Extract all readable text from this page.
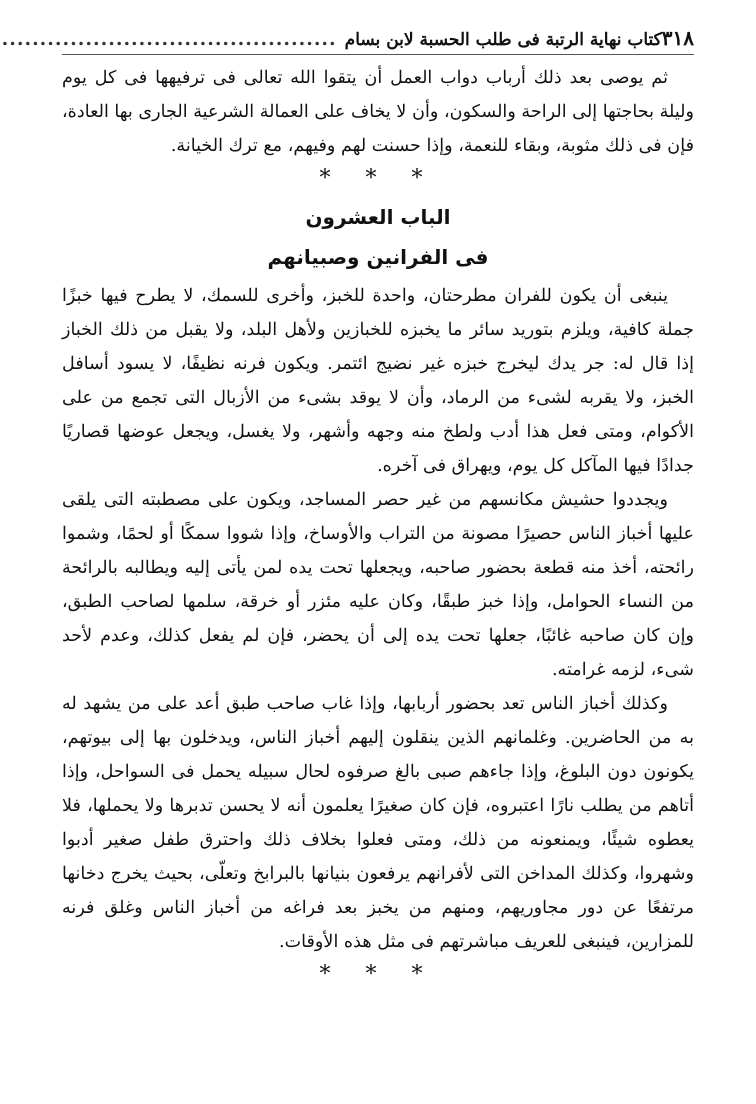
٣١٨
كتاب نهاية الرتبة فى طلب الحسبة لابن بسام
............................................

ثم يوصى بعد ذلك أرباب دواب العمل أن يتقوا الله تعالى فى ترفيهها فى كل يوم وليلة بحاجتها إلى الراحة والسكون، وأن لا يخاف على العمالة الشرعية الجارى بها العادة، فإن فى ذلك مثوبة، وبقاء للنعمة، وإذا حسنت لهم وفيهم، مع ترك الخيانة.

* * *
الباب العشرون
فى الفرانين وصبيانهم

ينبغى أن يكون للفران مطرحتان، واحدة للخبز، وأخرى للسمك، لا يطرح فيها خبزًا جملة كافية، ويلزم بتوريد سائر ما يخبزه للخبازين ولأهل البلد، ولا يقبل من ذلك الخباز إذا قال له: جر يدك ليخرج خبزه غير نضيج ائتمر. ويكون فرنه نظيفًا، لا يسود أسافل الخبز، ولا يقربه لشىء من الرماد، وأن لا يوقد بشىء من الأزبال التى تجمع من على الأكوام، ومتى فعل هذا أدب ولطخ منه وجهه وأشهر، ولا يغسل، ويجعل عوضها قصاريًا جدادًا فيها المآكل كل يوم، ويهراق فى آخره.

ويجددوا حشيش مكانسهم من غير حصر المساجد، ويكون على مصطبته التى يلقى عليها أخباز الناس حصيرًا مصونة من التراب والأوساخ، وإذا شووا سمكًا أو لحمًا، وشموا رائحته، أخذ منه قطعة بحضور صاحبه، ويجعلها تحت يده لمن يأتى إليه ويطالبه بالرائحة من النساء الحوامل، وإذا خبز طبقًا، وكان عليه مئزر أو خرقة، سلمها لصاحب الطبق، وإن كان صاحبه غائبًا، جعلها تحت يده إلى أن يحضر، فإن لم يفعل كذلك، وعدم لأحد شىء، لزمه غرامته.

وكذلك أخباز الناس تعد بحضور أربابها، وإذا غاب صاحب طبق أعد على من يشهد له به من الحاضرين. وغلمانهم الذين ينقلون إليهم أخباز الناس، ويدخلون بها إلى بيوتهم، يكونون دون البلوغ، وإذا جاءهم صبى بالغ صرفوه لحال سبيله يحمل فى السواحل، وإذا أتاهم من يطلب نارًا اعتبروه، فإن كان صغيرًا يعلمون أنه لا يحسن تدبرها ولا يحملها، فلا يعطوه شيئًا، ويمنعونه من ذلك، ومتى فعلوا بخلاف ذلك واحترق طفل صغير أدبوا وشهروا، وكذلك المداخن التى لأفرانهم يرفعون بنيانها بالبرابخ وتعلّى، بحيث يخرج دخانها مرتفعًا عن دور مجاوريهم، ومنهم من يخبز بعد فراغه من أخباز الناس وغلق فرنه للمزارين، فينبغى للعريف مباشرتهم فى مثل هذه الأوقات.

* * *
